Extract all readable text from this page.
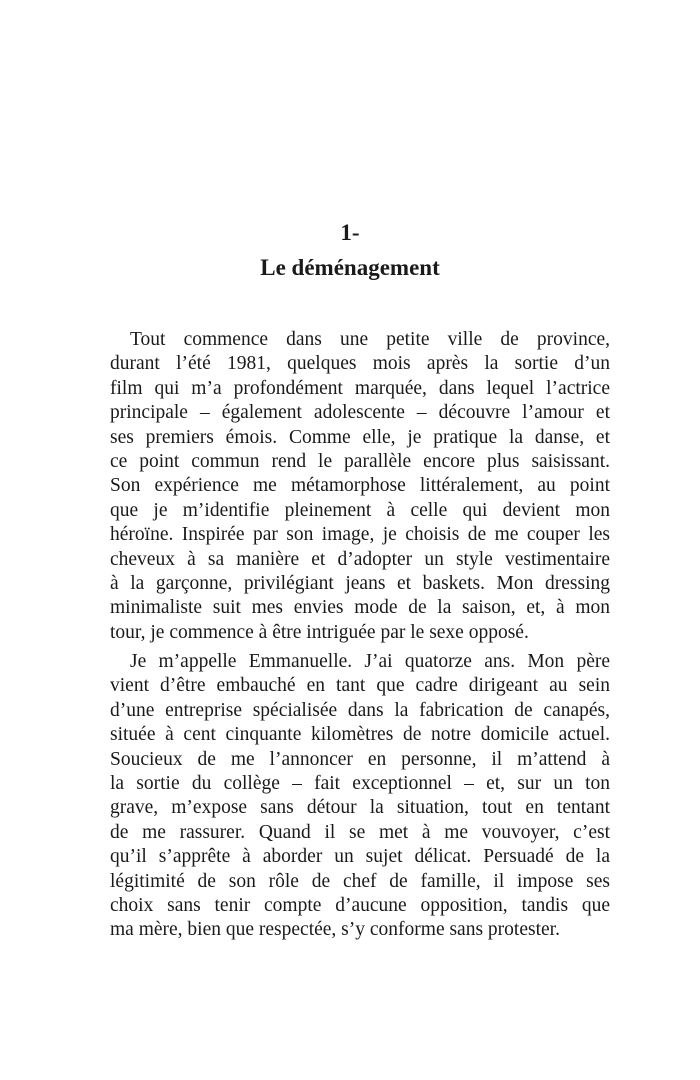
1-
Le déménagement
Tout commence dans une petite ville de province,
durant l’été 1981, quelques mois après la sortie d’un
film qui m’a profondément marquée, dans lequel l’actrice
principale – également adolescente – découvre l’amour et
ses premiers émois. Comme elle, je pratique la danse, et
ce point commun rend le parallèle encore plus saisissant.
Son expérience me métamorphose littéralement, au point
que je m’identifie pleinement à celle qui devient mon
héroïne. Inspirée par son image, je choisis de me couper les
cheveux à sa manière et d’adopter un style vestimentaire
à la garçonne, privilégiant jeans et baskets. Mon dressing
minimaliste suit mes envies mode de la saison, et, à mon
tour, je commence à être intriguée par le sexe opposé.
Je m’appelle Emmanuelle. J’ai quatorze ans. Mon père
vient d’être embauché en tant que cadre dirigeant au sein
d’une entreprise spécialisée dans la fabrication de canapés,
située à cent cinquante kilomètres de notre domicile actuel.
Soucieux de me l’annoncer en personne, il m’attend à
la sortie du collège – fait exceptionnel – et, sur un ton
grave, m’expose sans détour la situation, tout en tentant
de me rassurer. Quand il se met à me vouvoyer, c’est
qu’il s’apprête à aborder un sujet délicat. Persuadé de la
légitimité de son rôle de chef de famille, il impose ses
choix sans tenir compte d’aucune opposition, tandis que
ma mère, bien que respectée, s’y conforme sans protester.
